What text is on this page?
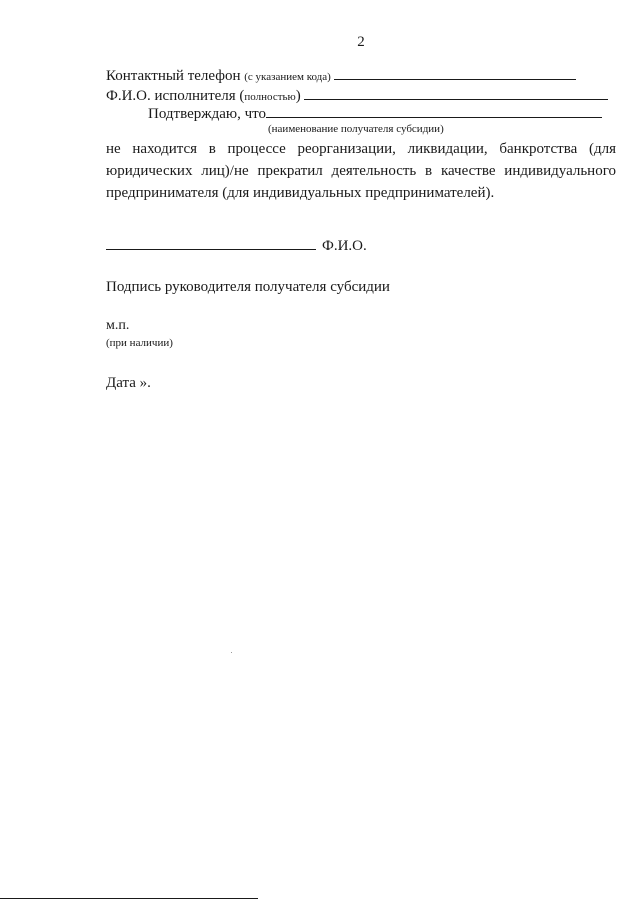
2
Контактный телефон (с указанием кода)
Ф.И.О. исполнителя (полностью)
Подтверждаю, что
(наименование получателя субсидии)

не находится в процессе реорганизации, ликвидации, банкротства (для юридических лиц)/не прекратил деятельность в качестве индивидуального предпринимателя (для индивидуальных предпринимателей).

Ф.И.О.
Подпись руководителя получателя субсидии
м.п.
(при наличии)
Дата ».
